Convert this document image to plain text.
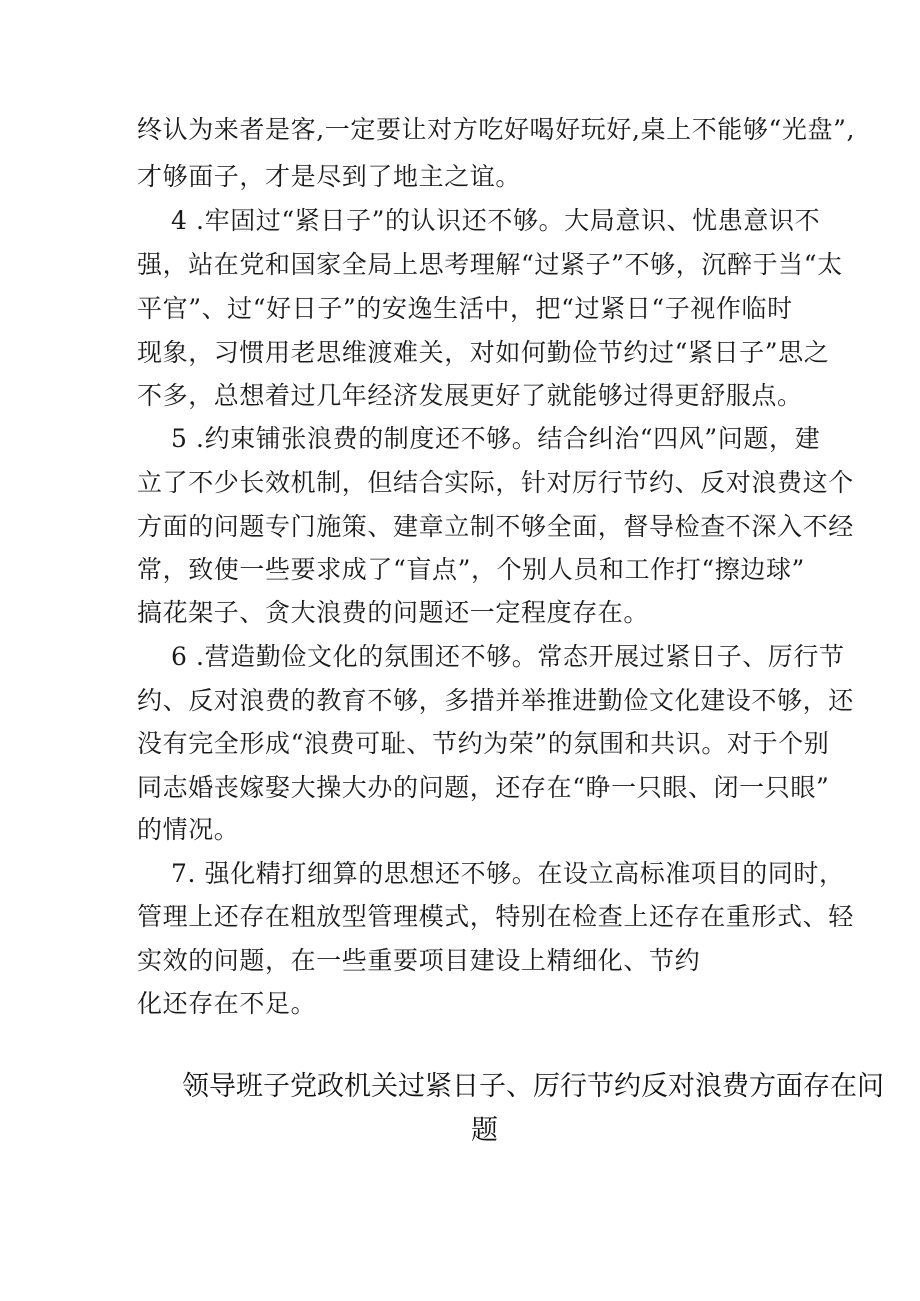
终认为来者是客,一定要让对方吃好喝好玩好,桌上不能够“光盘”,
才够面子，才是尽到了地主之谊。
4 .牢固过“紧日子”的认识还不够。大局意识、忧患意识不
强，站在党和国家全局上思考理解“过紧子”不够，沉醉于当“太
平官”、过“好日子”的安逸生活中，把“过紧日“子视作临时
现象，习惯用老思维渡难关，对如何勤俭节约过“紧日子”思之
不多，总想着过几年经济发展更好了就能够过得更舒服点。
5 .约束铺张浪费的制度还不够。结合纠治“四风”问题，建
立了不少长效机制，但结合实际，针对厉行节约、反对浪费这个
方面的问题专门施策、建章立制不够全面，督导检查不深入不经
常，致使一些要求成了“盲点”，个别人员和工作打“擦边球”
搞花架子、贪大浪费的问题还一定程度存在。
6 .营造勤俭文化的氛围还不够。常态开展过紧日子、厉行节
约、反对浪费的教育不够，多措并举推进勤俭文化建设不够，还
没有完全形成“浪费可耻、节约为荣”的氛围和共识。对于个别
同志婚丧嫁娶大操大办的问题，还存在“睁一只眼、闭一只眼”
的情况。
7. 强化精打细算的思想还不够。在设立高标准项目的同时，
管理上还存在粗放型管理模式，特别在检查上还存在重形式、轻
实效的问题，在一些重要项目建设上精细化、节约
化还存在不足。
领导班子党政机关过紧日子、厉行节约反对浪费方面存在问
题
